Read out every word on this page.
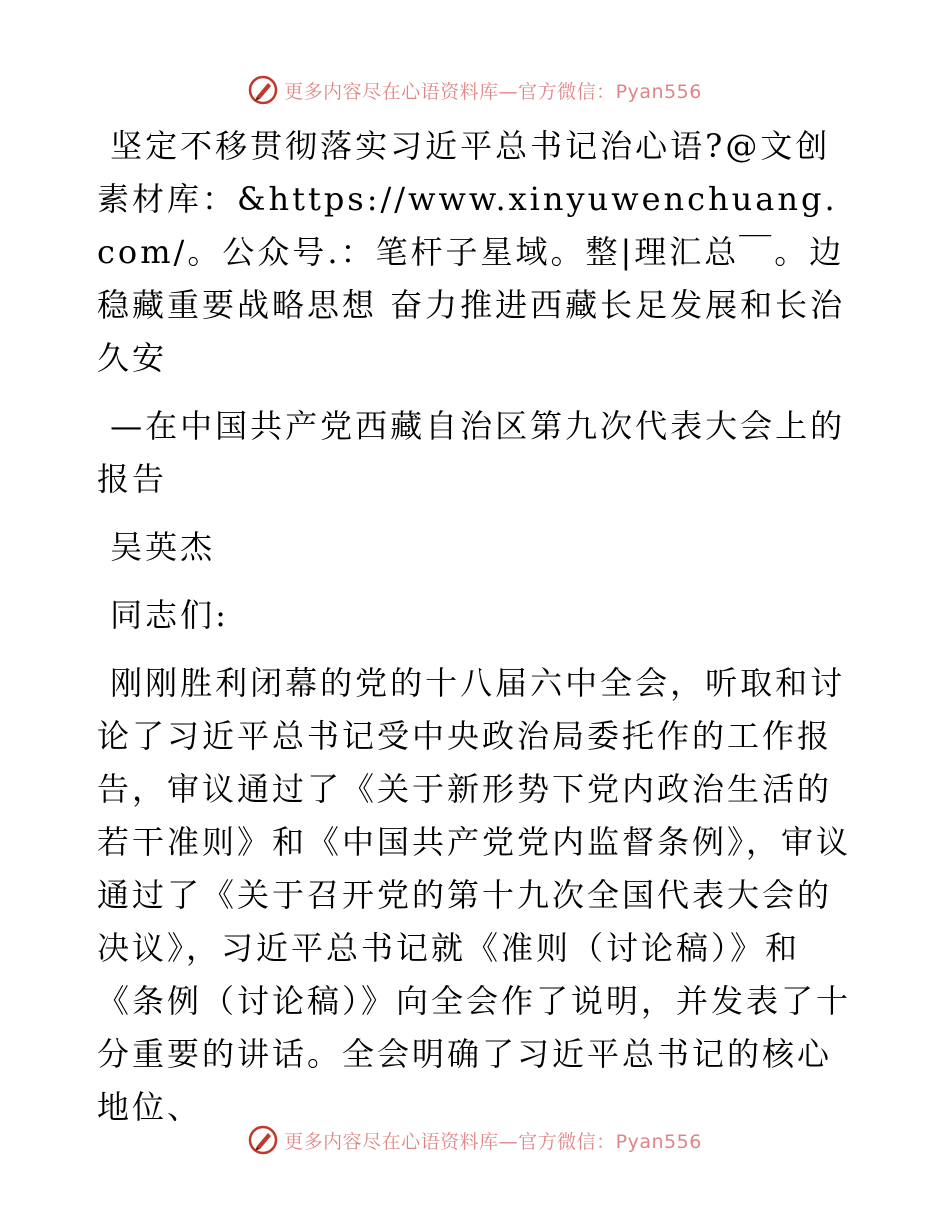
更多内容尽在心语资料库—官方微信：Pyan556

坚定不移贯彻落实习近平总书记治心语?@文创素材库：&https://www.xinyuwenchuang.com/。公众号.：笔杆子星域。整|理汇总￣。边稳藏重要战略思想 奋力推进西藏长足发展和长治久安

—在中国共产党西藏自治区第九次代表大会上的报告

吴英杰

同志们:

刚刚胜利闭幕的党的十八届六中全会，听取和讨论了习近平总书记受中央政治局委托作的工作报告，审议通过了《关于新形势下党内政治生活的若干准则》和《中国共产党党内监督条例》，审议通过了《关于召开党的第十九次全国代表大会的决议》，习近平总书记就《准则（讨论稿）》和《条例（讨论稿）》向全会作了说明，并发表了十分重要的讲话。全会明确了习近平总书记的核心地位、

更多内容尽在心语资料库—官方微信：Pyan556
